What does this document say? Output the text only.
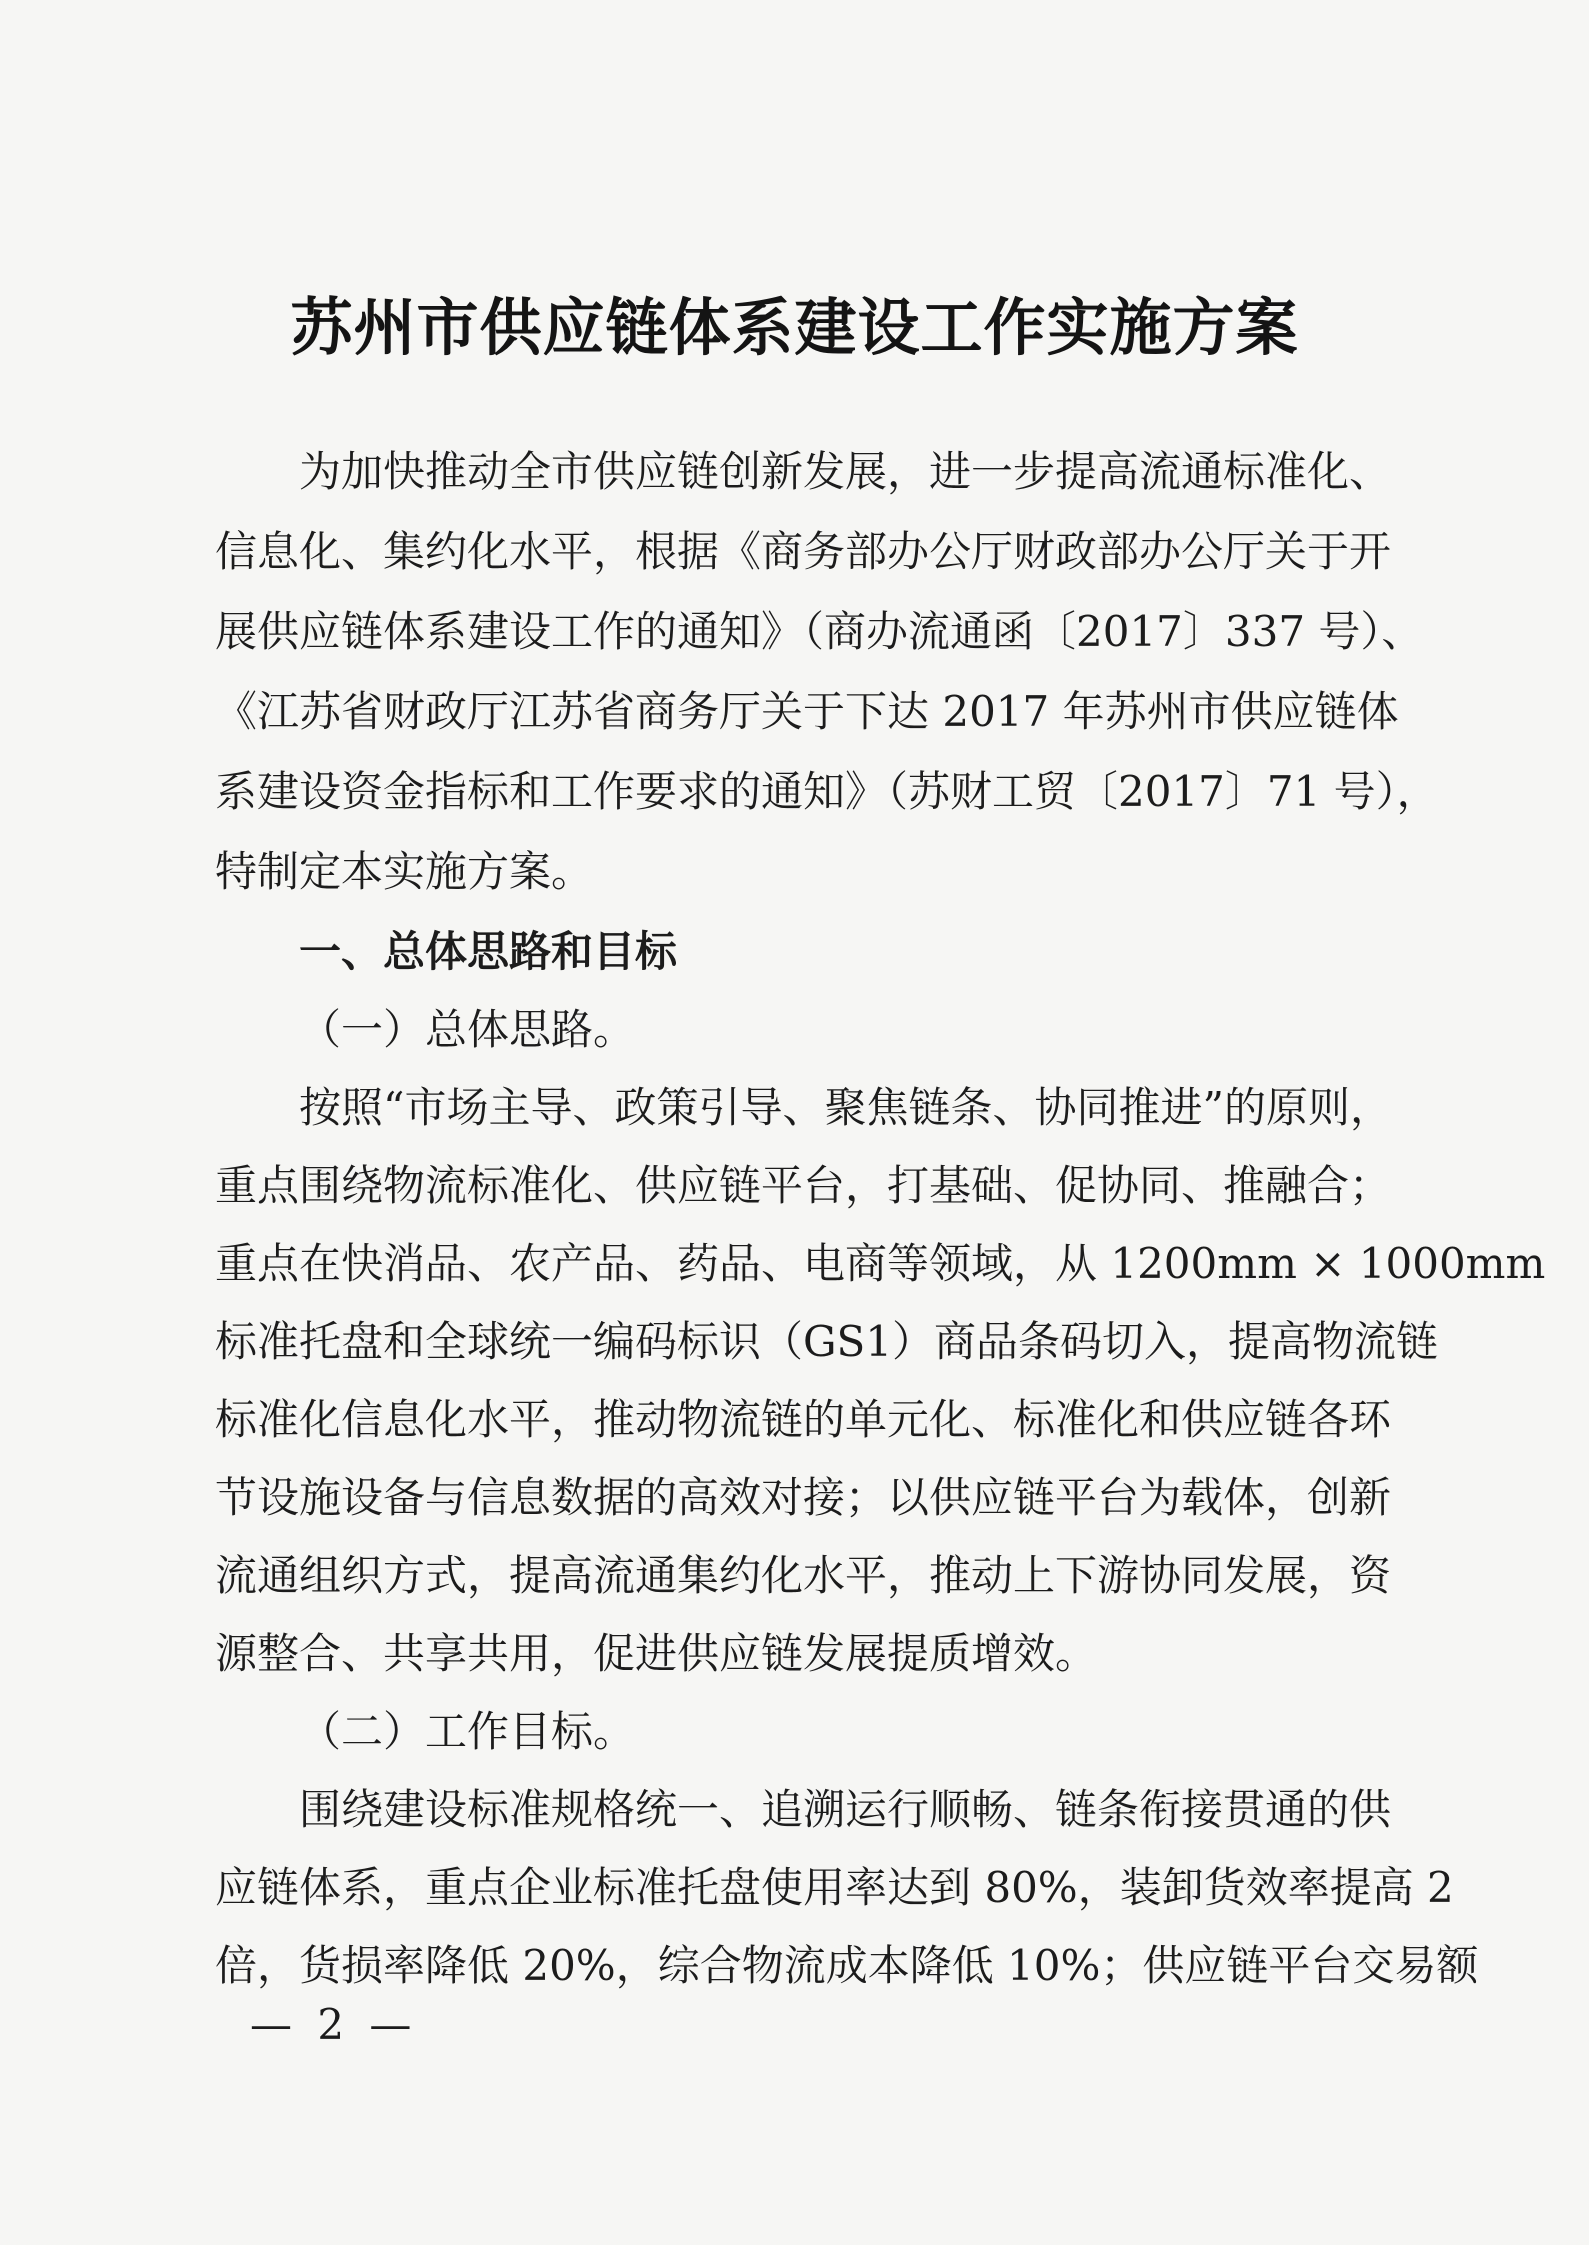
苏州市供应链体系建设工作实施方案
为加快推动全市供应链创新发展，进一步提高流通标准化、
信息化、集约化水平，根据《商务部办公厅财政部办公厅关于开
展供应链体系建设工作的通知》（商办流通函〔2017〕337 号）、
《江苏省财政厅江苏省商务厅关于下达 2017 年苏州市供应链体
系建设资金指标和工作要求的通知》（苏财工贸〔2017〕71 号），
特制定本实施方案。
一、总体思路和目标
（一）总体思路。
按照“市场主导、政策引导、聚焦链条、协同推进”的原则，
重点围绕物流标准化、供应链平台，打基础、促协同、推融合；
重点在快消品、农产品、药品、电商等领域，从 1200mm × 1000mm
标准托盘和全球统一编码标识（GS1）商品条码切入，提高物流链
标准化信息化水平，推动物流链的单元化、标准化和供应链各环
节设施设备与信息数据的高效对接；以供应链平台为载体，创新
流通组织方式，提高流通集约化水平，推动上下游协同发展，资
源整合、共享共用，促进供应链发展提质增效。
（二）工作目标。
围绕建设标准规格统一、追溯运行顺畅、链条衔接贯通的供
应链体系，重点企业标准托盘使用率达到 80%，装卸货效率提高 2
倍，货损率降低 20%，综合物流成本降低 10%；供应链平台交易额
— 2 —
